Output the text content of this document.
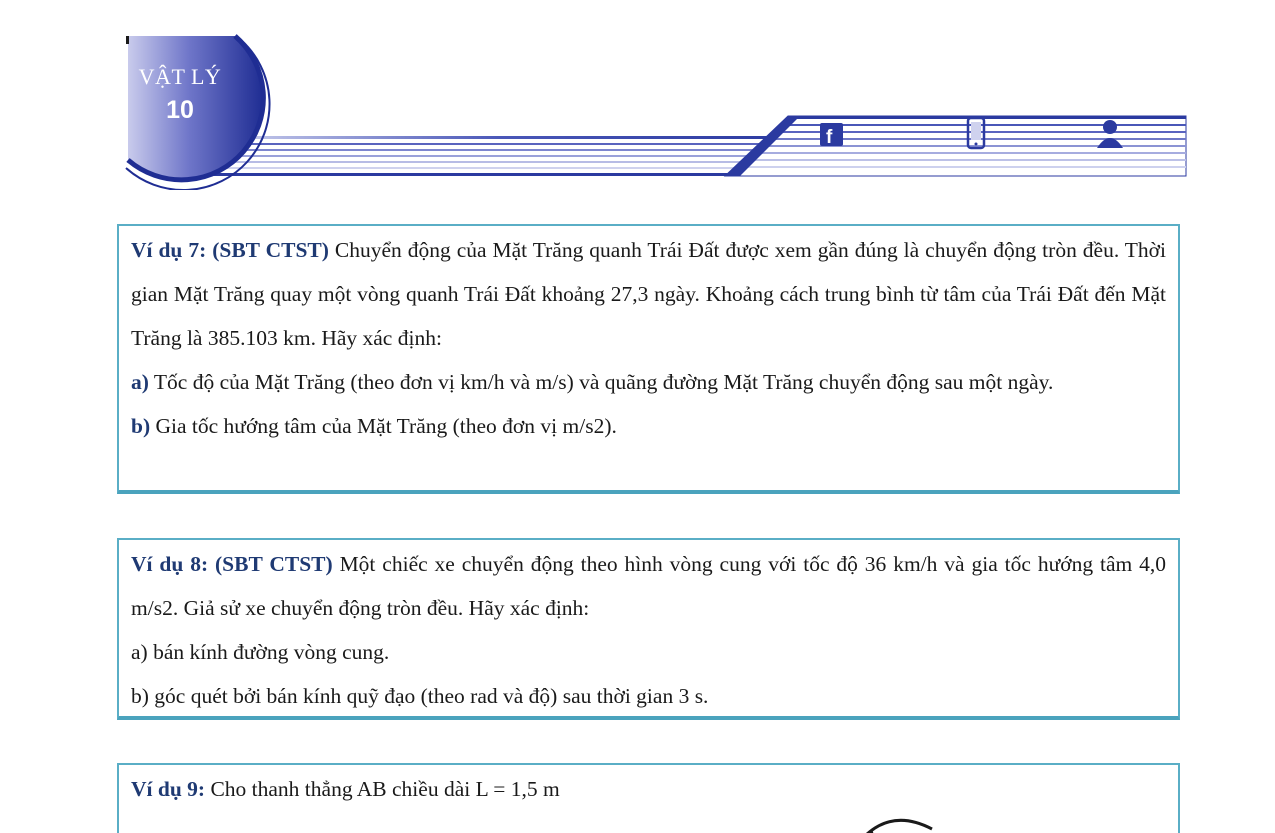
f
VẬT LÝ
10

Ví dụ 7: (SBT CTST) Chuyển động của Mặt Trăng quanh Trái Đất được xem gần đúng là chuyển động tròn đều. Thời gian Mặt Trăng quay một vòng quanh Trái Đất khoảng 27,3 ngày. Khoảng cách trung bình từ tâm của Trái Đất đến Mặt Trăng là 385.103 km. Hãy xác định:

a) Tốc độ của Mặt Trăng (theo đơn vị km/h và m/s) và quãng đường Mặt Trăng chuyển động sau một ngày.

b) Gia tốc hướng tâm của Mặt Trăng (theo đơn vị m/s2).

Ví dụ 8: (SBT CTST) Một chiếc xe chuyển động theo hình vòng cung với tốc độ 36 km/h và gia tốc hướng tâm 4,0 m/s2. Giả sử xe chuyển động tròn đều. Hãy xác định:

a) bán kính đường vòng cung.

b) góc quét bởi bán kính quỹ đạo (theo rad và độ) sau thời gian 3 s.

Ví dụ 9: Cho thanh thẳng AB chiều dài L = 1,5 m
